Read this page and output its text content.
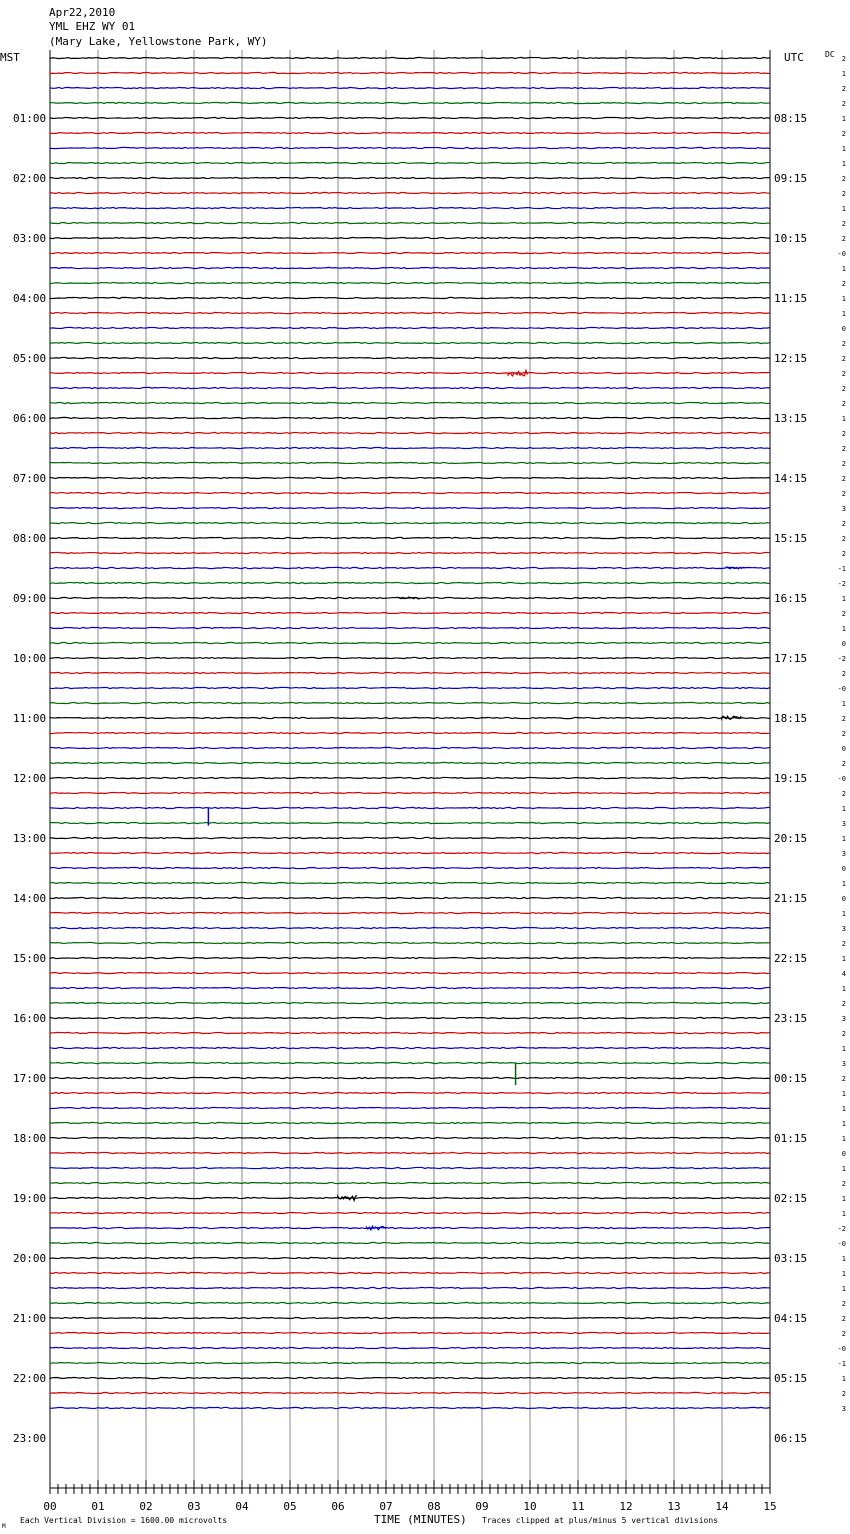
Apr22,2010
YML EHZ WY 01
(Mary Lake, Yellowstone Park, WY)
MST	UTC	DC
01:00
02:00
03:00
04:00
05:00
06:00
07:00
08:00
09:00
10:00
11:00
12:00
13:00
14:00
15:00
16:00
17:00
18:00
19:00
20:00
21:00
22:00
23:00
08:15
09:15
10:15
11:15
12:15
13:15
14:15
15:15
16:15
17:15
18:15
19:15
20:15
21:15
22:15
23:15
00:15
01:15
02:15
03:15
04:15
05:15
06:15
2
1
2
2
1
2
1
1
2
2
1
2
2
-0
1
2
1
1
0
2
2
2
2
2
1
2
2
2
2
2
3
2
2
2
-1
-2
1
2
1
0
-2
2
-0
1
2
2
0
2
-0
2
1
3
1
3
0
1
0
1
3
2
1
4
1
2
3
2
1
3
2
1
1
1
1
0
1
2
1
1
-2
-0
1
1
1
2
2
2
-0
-1
1
2
3
00	01	02	03	04	05	06	07	08	09	10	11	12	13	14	15
Each Vertical Division = 1600.00 microvolts	TIME (MINUTES) Traces clipped at plus/minus 5 vertical divisions
M
